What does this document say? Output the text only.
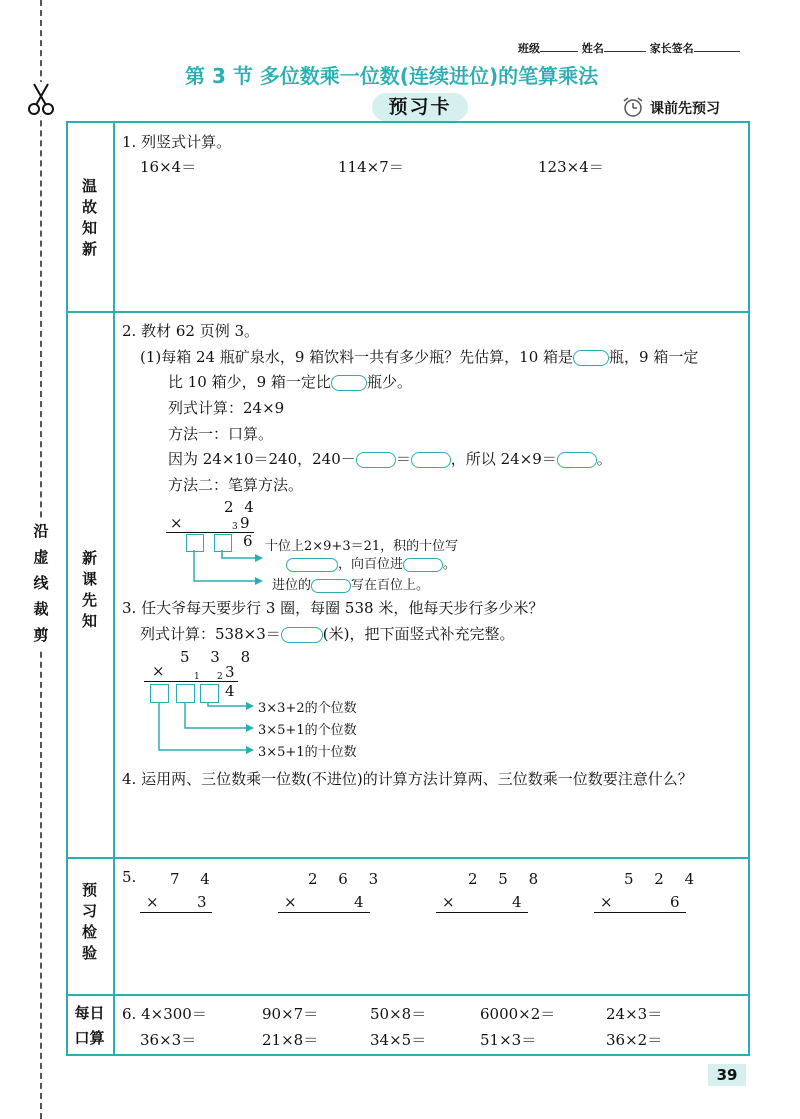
沿
虚
线
裁
剪
班级	姓名	家长签名
第 3 节 多位数乘一位数(连续进位)的笔算乘法
预习卡	课前先预习
温
故
知
新
新
课
先
知
预
习
检
验
每日
口算
1. 列竖式计算。
16×4＝	114×7＝	123×4＝
2. 教材 62 页例 3。
(1)每箱 24 瓶矿泉水，9 箱饮料一共有多少瓶？先估算，10 箱是 瓶，9 箱一定
比 10 箱少，9 箱一定比 瓶少。
列式计算：24×9
方法一：口算。
因为 24×10＝240，240－	＝	，所以 24×9＝	。
方法二：笔算方法。
2 4
×	3 9
6 十位上2×9+3＝21，积的十位写
，向百位进	。
进位的	写在百位上。
3. 任大爷每天要步行 3 圈，每圈 538 米，他每天步行多少米？
列式计算：538×3＝	(米)，把下面竖式补充完整。
5 3 8
×	1 2 3
4
3×3+2的个位数
3×5+1的个位数
3×5+1的十位数
4. 运用两、三位数乘一位数(不进位)的计算方法计算两、三位数乘一位数要注意什么？
5. 7 4
×	3
2 6 3
×	4
2 5 8
×	4
5 2 4
×	6
6. 4×300＝	90×7＝	50×8＝	6000×2＝	24×3＝
36×3＝	21×8＝	34×5＝	51×3＝	36×2＝
39
